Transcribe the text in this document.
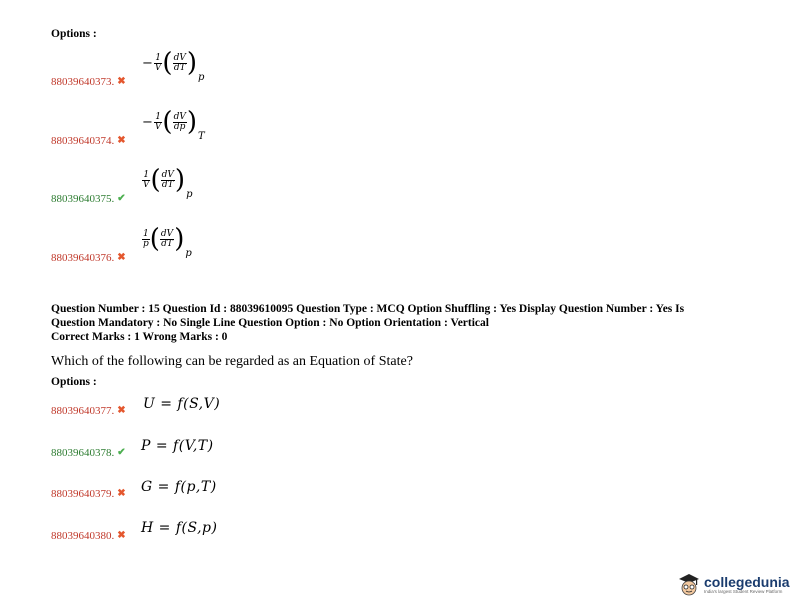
Options :
− $\frac{1}{V}$ ( $\frac{dV}{dT} )_p$
88039640373. ✖
− $\frac{1}{V}$ ( $\frac{dV}{dp} )_T$
88039640374. ✖
$\frac{1}{V}$ ( $\frac{dV}{dT} )_p$
88039640375. ✔
$\frac{1}{p}$ ( $\frac{dV}{dT} )_p$
88039640376. ✖
Question Number : 15 Question Id : 88039610095 Question Type : MCQ Option Shuffling : Yes Display Question Number : Yes Is
Question Mandatory : No Single Line Question Option : No Option Orientation : Vertical
Correct Marks : 1 Wrong Marks : 0
Which of the following can be regarded as an Equation of State?
Options :
U = f(S,V)
88039640377. ✖
P = f(V,T)
88039640378. ✔
G = f(p,T)
88039640379. ✖
H = f(S,p)
88039640380. ✖
collegedunia
India's largest Student Review Platform
